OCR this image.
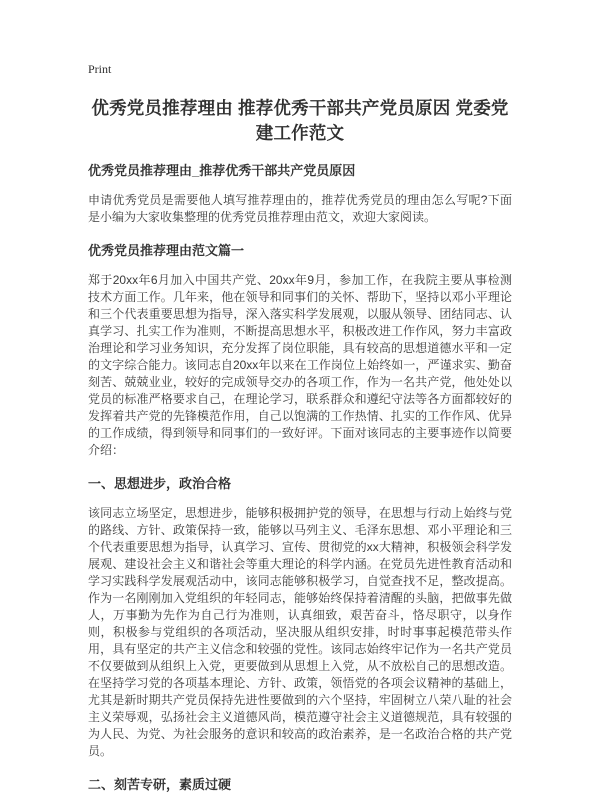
Print
优秀党员推荐理由 推荐优秀干部共产党员原因 党委党建工作范文
优秀党员推荐理由_推荐优秀干部共产党员原因

申请优秀党员是需要他人填写推荐理由的，推荐优秀党员的理由怎么写呢?下面是小编为大家收集整理的优秀党员推荐理由范文，欢迎大家阅读。

优秀党员推荐理由范文篇一

郑于20xx年6月加入中国共产党、20xx年9月，参加工作，在我院主要从事检测技术方面工作。几年来，他在领导和同事们的关怀、帮助下，坚持以邓小平理论和三个代表重要思想为指导，深入落实科学发展观，以服从领导、团结同志、认真学习、扎实工作为准则，不断提高思想水平，积极改进工作作风，努力丰富政治理论和学习业务知识，充分发挥了岗位职能，具有较高的思想道德水平和一定的文字综合能力。该同志自20xx年以来在工作岗位上始终如一，严谨求实、勤奋刻苦、兢兢业业，较好的完成领导交办的各项工作，作为一名共产党，他处处以党员的标准严格要求自己，在理论学习，联系群众和遵纪守法等各方面都较好的发挥着共产党的先锋模范作用，自己以饱满的工作热情、扎实的工作作风、优异的工作成绩，得到领导和同事们的一致好评。下面对该同志的主要事迹作以简要介绍：

一、思想进步，政治合格

该同志立场坚定，思想进步，能够积极拥护党的领导，在思想与行动上始终与党的路线、方针、政策保持一致，能够以马列主义、毛泽东思想、邓小平理论和三个代表重要思想为指导，认真学习、宣传、贯彻党的xx大精神，积极领会科学发展观、建设社会主义和谐社会等重大理论的科学内涵。在党员先进性教育活动和学习实践科学发展观活动中，该同志能够积极学习，自觉查找不足，整改提高。作为一名刚刚加入党组织的年轻同志，能够始终保持着清醒的头脑，把做事先做人，万事勤为先作为自己行为准则，认真细致，艰苦奋斗，恪尽职守，以身作则，积极参与党组织的各项活动，坚决服从组织安排，时时事事起模范带头作用，具有坚定的共产主义信念和较强的党性。该同志始终牢记作为一名共产党员不仅要做到从组织上入党，更要做到从思想上入党，从不放松自己的思想改造。在坚持学习党的各项基本理论、方针、政策，领悟党的各项会议精神的基础上，尤其是新时期共产党员保持先进性要做到的六个坚持，牢固树立八荣八耻的社会主义荣辱观，弘扬社会主义道德风尚，模范遵守社会主义道德规范，具有较强的为人民、为党、为社会服务的意识和较高的政治素养，是一名政治合格的共产党员。

二、刻苦专研，素质过硬
